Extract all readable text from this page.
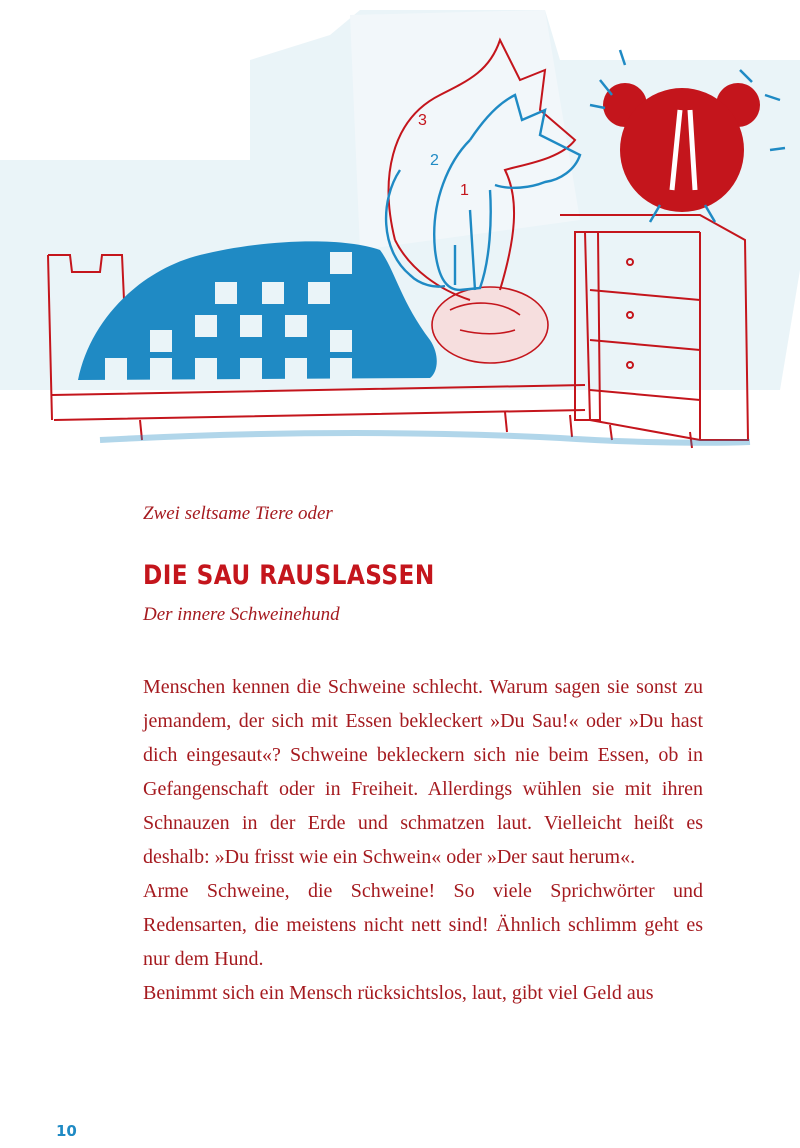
3
2
1
Zwei seltsame Tiere oder
DIE SAU RAUSLASSEN
Der innere Schweinehund

Menschen kennen die Schweine schlecht. Warum sagen sie sonst zu jemandem, der sich mit Essen bekleckert »Du Sau!« oder »Du hast dich eingesaut«? Schweine bekleckern sich nie beim Essen, ob in Gefangenschaft oder in Freiheit. Allerdings wühlen sie mit ihren Schnauzen in der Erde und schmatzen laut. Vielleicht heißt es deshalb: »Du frisst wie ein Schwein« oder »Der saut herum«.

Arme Schweine, die Schweine! So viele Sprichwörter und Redensarten, die meistens nicht nett sind! Ähnlich schlimm geht es nur dem Hund.

Benimmt sich ein Mensch rücksichtslos, laut, gibt viel Geld aus

10
